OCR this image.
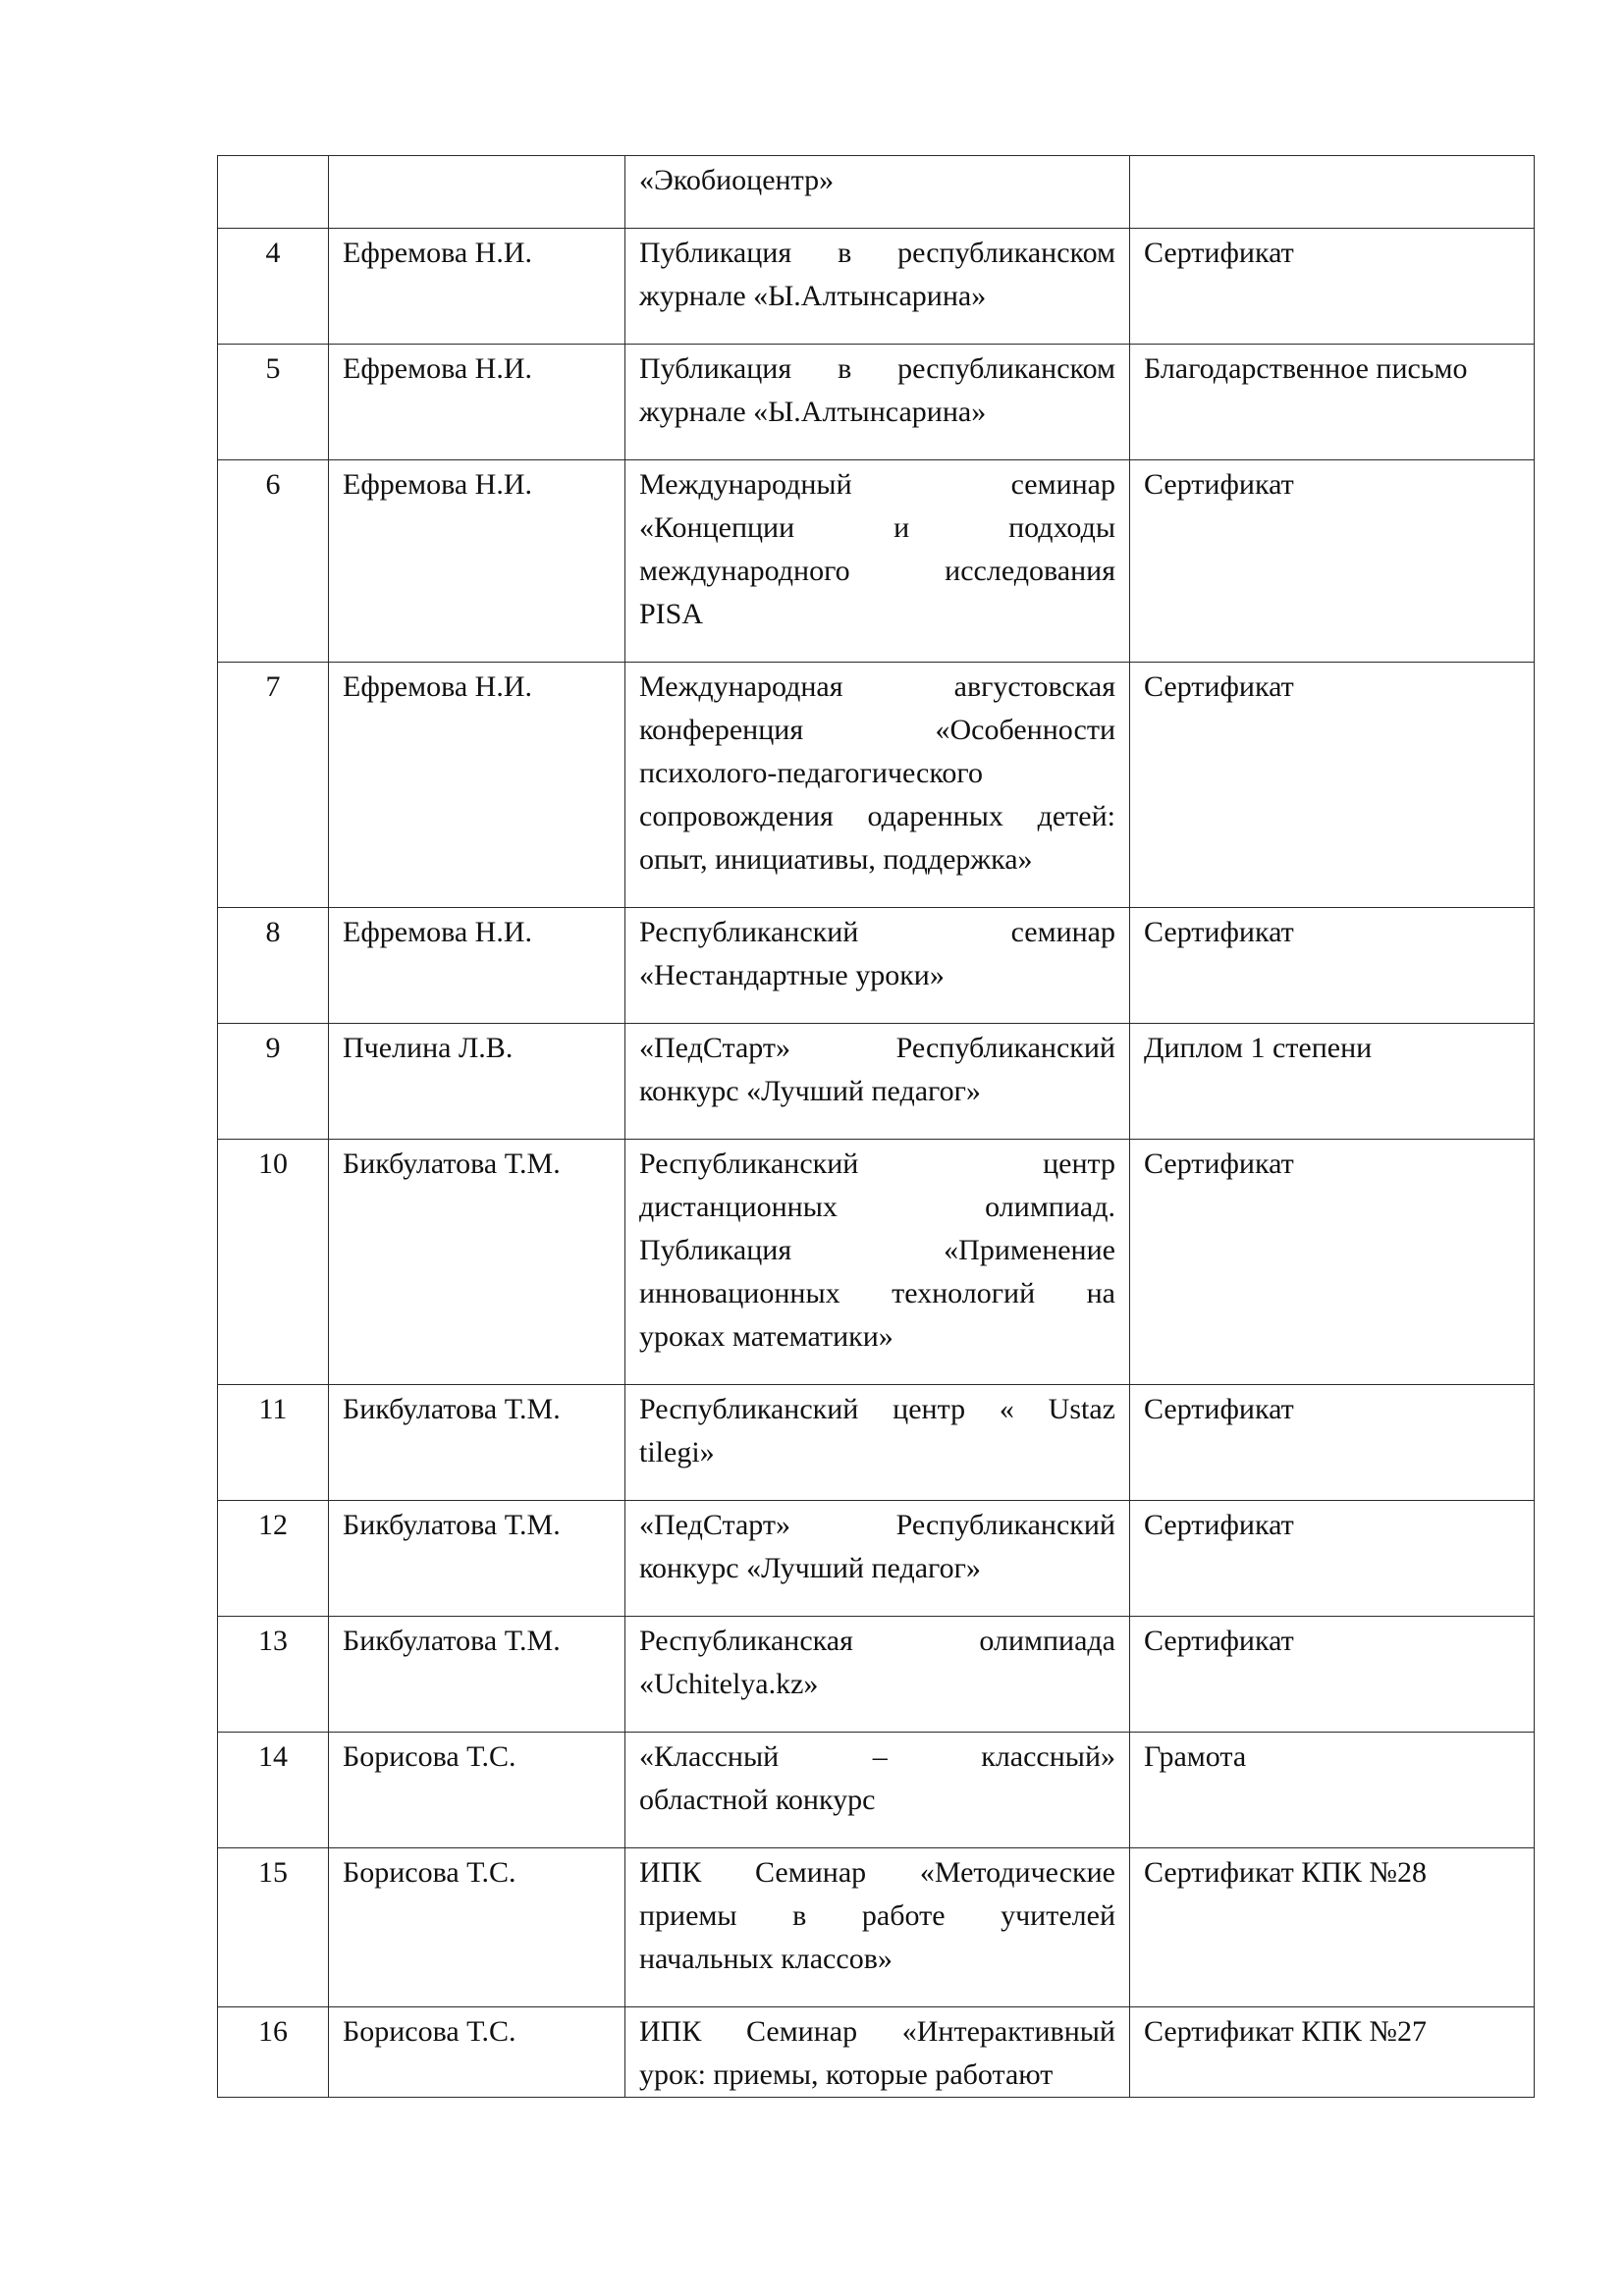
		«Экобиоцентр»	

4	Ефремова Н.И.	Публикация в республиканском
журнале «Ы.Алтынсарина»	Сертификат
5	Ефремова Н.И.	Публикация в республиканском
журнале «Ы.Алтынсарина»	Благодарственное письмо
6	Ефремова Н.И.	Международный семинар
«Концепции и подходы
международного исследования
PISA	Сертификат
7	Ефремова Н.И.	Международная августовская
конференция «Особенности
психолого-педагогического
сопровождения одаренных детей:
опыт, инициативы, поддержка»	Сертификат
8	Ефремова Н.И.	Республиканский семинар
«Нестандартные уроки»	Сертификат
9	Пчелина Л.В.	«ПедСтарт» Республиканский
конкурс «Лучший педагог»	Диплом 1 степени
10	Бикбулатова Т.М.	Республиканский центр
дистанционных олимпиад.
Публикация «Применение
инновационных технологий на
уроках математики»	Сертификат
11	Бикбулатова Т.М.	Республиканский центр « Ustaz
tilegi»	Сертификат
12	Бикбулатова Т.М.	«ПедСтарт» Республиканский
конкурс «Лучший педагог»	Сертификат
13	Бикбулатова Т.М.	Республиканская олимпиада
«Uchitelya.kz»	Сертификат
14	Борисова Т.С.	«Классный – классный»
областной конкурс	Грамота
15	Борисова Т.С.	ИПК Семинар «Методические
приемы в работе учителей
начальных классов»	Сертификат КПК №28
16	Борисова Т.С.	ИПК Семинар «Интерактивный
урок: приемы, которые работают	Сертификат КПК №27
